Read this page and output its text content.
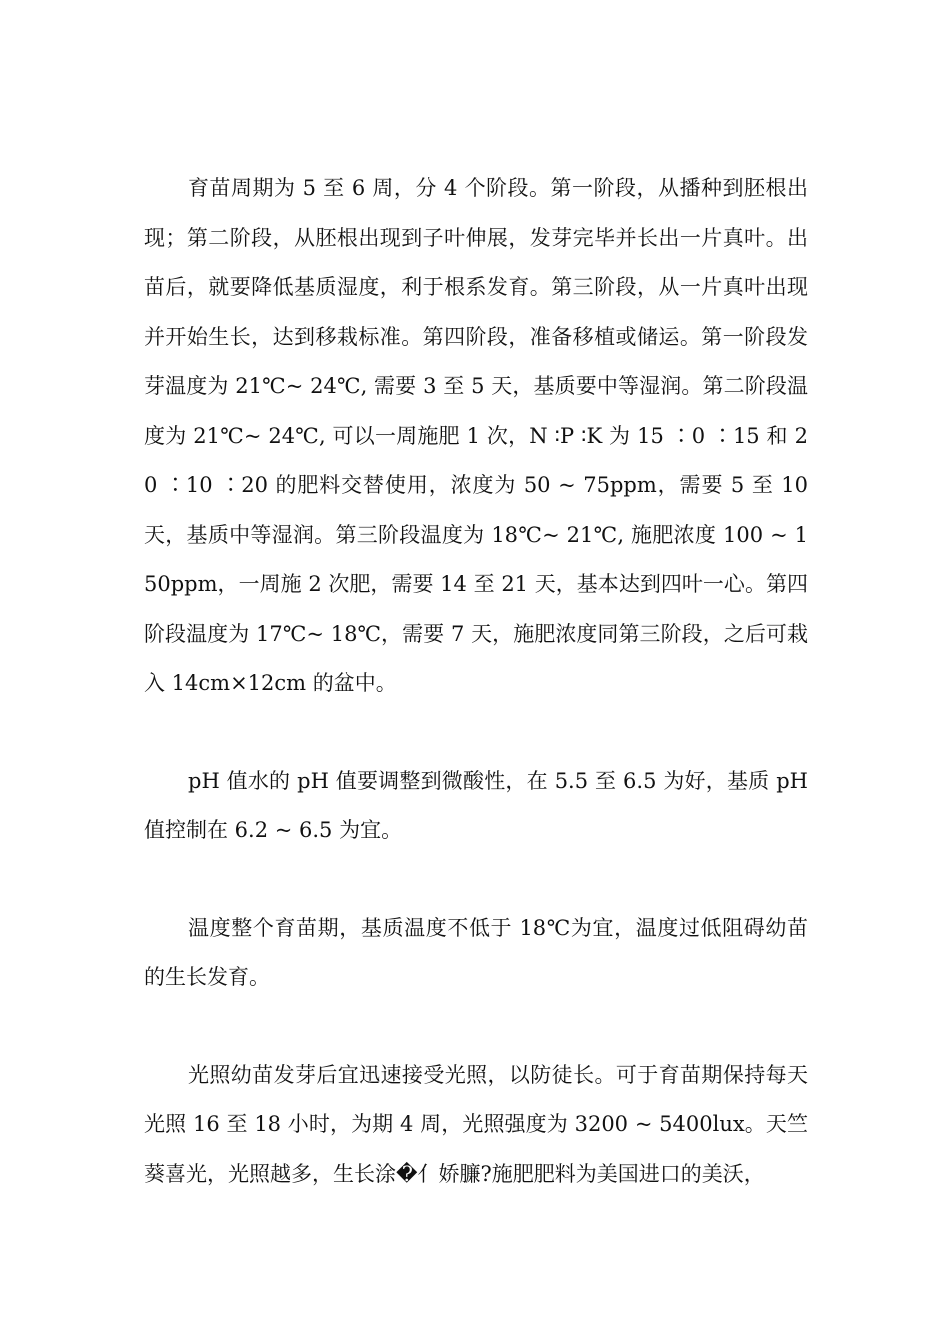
育苗周期为 5 至 6 周，分 4 个阶段。第一阶段，从播种到胚根出现；第二阶段，从胚根出现到子叶伸展，发芽完毕并长出一片真叶。出苗后，就要降低基质湿度，利于根系发育。第三阶段，从一片真叶出现并开始生长，达到移栽标准。第四阶段，准备移植或储运。第一阶段发芽温度为 21℃~ 24℃, 需要 3 至 5 天，基质要中等湿润。第二阶段温度为 21℃~ 24℃, 可以一周施肥 1 次，N ∶P ∶K 为 15 ∶0 ∶15 和 20 ∶10 ∶20 的肥料交替使用，浓度为 50 ~ 75ppm，需要 5 至 10 天，基质中等湿润。第三阶段温度为 18℃~ 21℃, 施肥浓度 100 ~ 150ppm，一周施 2 次肥，需要 14 至 21 天，基本达到四叶一心。第四阶段温度为 17℃~ 18℃，需要 7 天，施肥浓度同第三阶段，之后可栽入 14cm×12cm 的盆中。

pH 值水的 pH 值要调整到微酸性，在 5.5 至 6.5 为好，基质 pH 值控制在 6.2 ~ 6.5 为宜。

温度整个育苗期，基质温度不低于 18℃为宜，温度过低阻碍幼苗的生长发育。

光照幼苗发芽后宜迅速接受光照，以防徒长。可于育苗期保持每天光照 16 至 18 小时，为期 4 周，光照强度为 3200 ~ 5400lux。天竺葵喜光，光照越多，生长涂�亻娇臁?施肥肥料为美国进口的美沃，
